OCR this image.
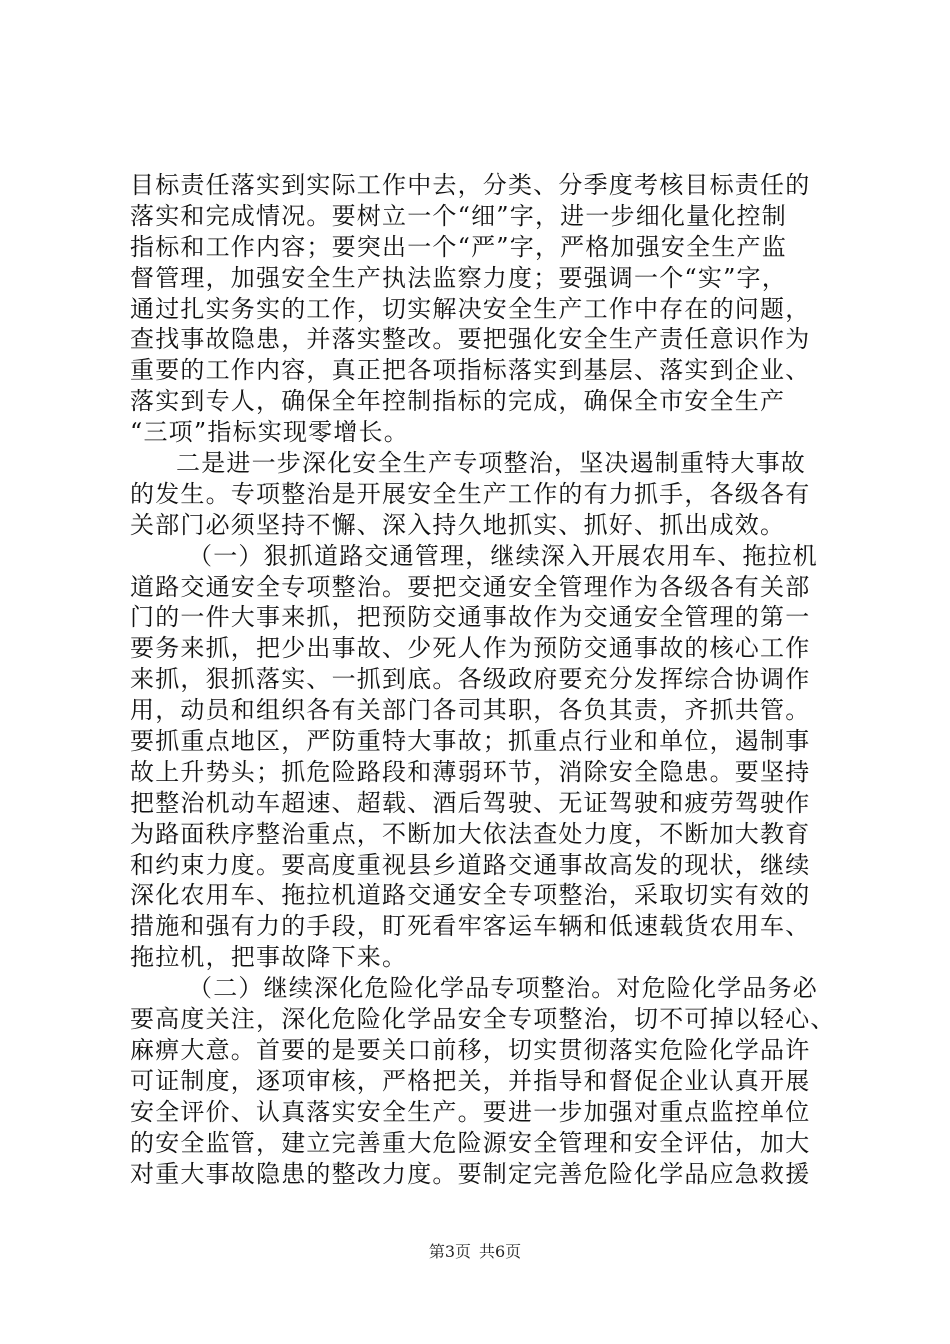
目标责任落实到实际工作中去，分类、分季度考核目标责任的
落实和完成情况。要树立一个“细”字，进一步细化量化控制
指标和工作内容；要突出一个“严”字，严格加强安全生产监
督管理，加强安全生产执法监察力度；要强调一个“实”字，
通过扎实务实的工作，切实解决安全生产工作中存在的问题，
查找事故隐患，并落实整改。要把强化安全生产责任意识作为
重要的工作内容，真正把各项指标落实到基层、落实到企业、
落实到专人，确保全年控制指标的完成，确保全市安全生产
“三项”指标实现零增长。
二是进一步深化安全生产专项整治，坚决遏制重特大事故
的发生。专项整治是开展安全生产工作的有力抓手，各级各有
关部门必须坚持不懈、深入持久地抓实、抓好、抓出成效。
（一）狠抓道路交通管理，继续深入开展农用车、拖拉机
道路交通安全专项整治。要把交通安全管理作为各级各有关部
门的一件大事来抓，把预防交通事故作为交通安全管理的第一
要务来抓，把少出事故、少死人作为预防交通事故的核心工作
来抓，狠抓落实、一抓到底。各级政府要充分发挥综合协调作
用，动员和组织各有关部门各司其职，各负其责，齐抓共管。
要抓重点地区，严防重特大事故；抓重点行业和单位，遏制事
故上升势头；抓危险路段和薄弱环节，消除安全隐患。要坚持
把整治机动车超速、超载、酒后驾驶、无证驾驶和疲劳驾驶作
为路面秩序整治重点，不断加大依法查处力度，不断加大教育
和约束力度。要高度重视县乡道路交通事故高发的现状，继续
深化农用车、拖拉机道路交通安全专项整治，采取切实有效的
措施和强有力的手段，盯死看牢客运车辆和低速载货农用车、
拖拉机，把事故降下来。
（二）继续深化危险化学品专项整治。对危险化学品务必
要高度关注，深化危险化学品安全专项整治，切不可掉以轻心、
麻痹大意。首要的是要关口前移，切实贯彻落实危险化学品许
可证制度，逐项审核，严格把关，并指导和督促企业认真开展
安全评价、认真落实安全生产。要进一步加强对重点监控单位
的安全监管，建立完善重大危险源安全管理和安全评估，加大
对重大事故隐患的整改力度。要制定完善危险化学品应急救援
第3页 共6页
